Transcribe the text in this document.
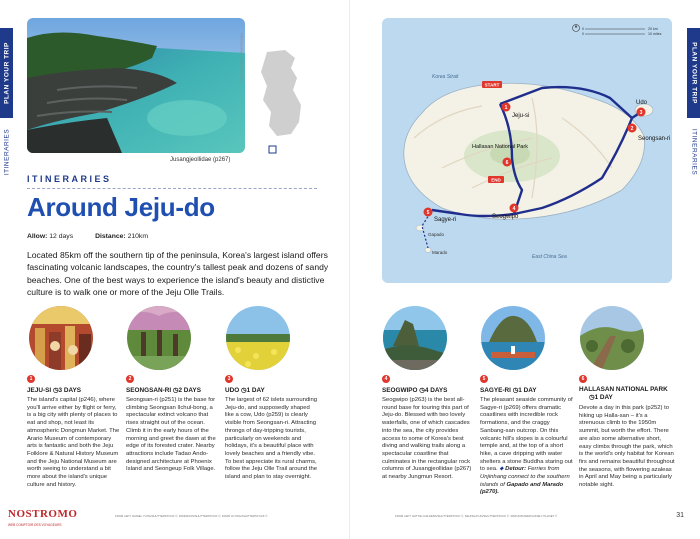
PLAN YOUR TRIP
ITINERARIES
PHOTOGRAPHER / SHUTTERSTOCK ©
Jusangjeollidae (p267)
ITINERARIES
Around Jeju-do
Allow: 12 days	Distance: 210km
Located 85km off the southern tip of the peninsula, Korea's largest island offers fascinating volcanic landscapes, the country's tallest peak and dozens of sandy beaches. One of the best ways to experience the island's beauty and distictive culture is to walk one or more of the Jeju Olle Trails.
1
JEJU-SI ◷3 DAYS
The island's capital (p246), where you'll arrive either by flight or ferry, is a big city with plenty of places to eat and shop, not least its atmospheric Dongmun Market. The Arario Museum of contemporary arts is fantastic and both the Jeju Folklore & Natural History Museum and the Jeju National Museum are worth seeing to understand a bit more about the island's unique culture and history.
2
SEONGSAN-RI ◷2 DAYS
Seongsan-ri (p251) is the base for climbing Seongsan Ilchul-bong, a spectacular extinct volcano that rises straight out of the ocean. Climb it in the early hours of the morning and greet the dawn at the edge of its forested crater. Nearby attractions include Tadao Ando-designed architecture at Phoenix Island and Seongeup Folk Village.
3
UDO ◷1 DAY
The largest of 62 islets surrounding Jeju-do, and supposedly shaped like a cow, Udo (p259) is clearly visible from Seongsan-ri. Attracting throngs of day-tripping tourists, particularly on weekends and holidays, it's a beautiful place with lovely beaches and a friendly vibe. To best appreciate its rural charms, follow the Jeju Olle Trail around the island and plan to stay overnight.
FROM LEFT: DANIEL YUNG/SHUTTERSTOCK ©, PANKRASS/SHUTTERSTOCK ©, DAVID HYUNG/SHUTTERSTOCK ©
NOSTROMO
WEB COMPTOIR DES VOYAGEURS
PLAN YOUR TRIP
ITINERARIES
4
SEOGWIPO ◷4 DAYS
Seogwipo (p263) is the best all-round base for touring this part of Jeju-do. Blessed with two lovely waterfalls, one of which cascades into the sea, the city provides access to some of Korea's best diving and walking trails along a spectacular coastline that culminates in the rectangular rock columns of Jusangjeollidae (p267) at nearby Jungmun Resort.
5
SAGYE-RI ◷1 DAY
The pleasant seaside community of Sagye-ri (p269) offers dramatic coastlines with incredible rock formations, and the craggy Sanbang-san outcrop. On this volcanic hill's slopes is a colourful temple and, at the top of a short hike, a cave dripping with water shelters a stone Buddha staring out to sea. ⬥ Detour: Ferries from Unjinhang connect to the southern islands of Gapado and Marado (p270).
6
HALLASAN NATIONAL PARK
◷1 DAY
Devote a day in this park (p252) to hiking up Halla-san – it's a strenuous climb to the 1950m summit, but worth the effort. There are also some alternative short, easy climbs through the park, which is the world's only habitat for Korean firs and remains beautiful throughout the seasons, with flowering azaleas in April and May being a particularly notable sight.
FROM LEFT: HATTIE CHILDERS/SHUTTERSTOCK ©, SEUNGHYUN/SHUTTERSTOCK ©, SIMON BOWER/LONELY PLANET ©	31
START
END
1
2
3
4
5
6
Jeju-si
Udo
Seongsan-ri
Hallasan National Park
Seogwipo
Sagye-ri
Gapado
Marado
Korea Strait
East China Sea
0	20 km
0	10 miles
